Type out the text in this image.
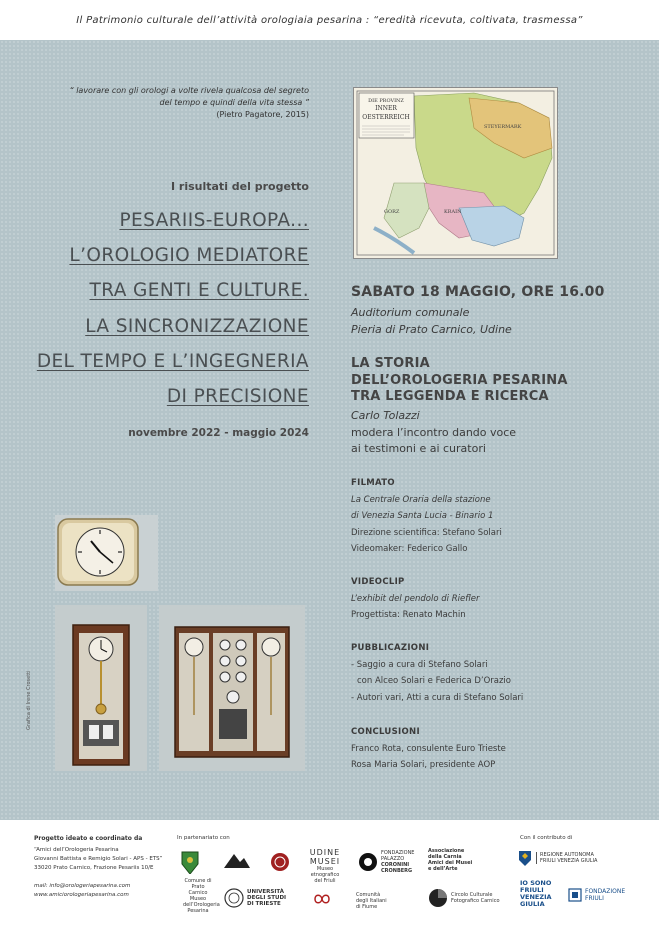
Il Patrimonio culturale dell’attività orologiaia pesarina : “eredità ricevuta, coltivata, trasmessa”
“ lavorare con gli orologi a volte rivela qualcosa del segreto
del tempo e quindi della vita stessa ”
(Pietro Pagatore, 2015)
I risultati del progetto
PESARIIS-EUROPA...
L’OROLOGIO MEDIATORE
TRA GENTI E CULTURE.
LA SINCRONIZZAZIONE
DEL TEMPO E L’INGEGNERIA
DI PRECISIONE
novembre 2022 - maggio 2024
DIE PROVINZ
INNER
OESTERREICH
GORZ	KRAIN
STEYERMARK
SABATO 18 MAGGIO, ORE 16.00
Auditorium comunale
Pieria di Prato Carnico, Udine
LA STORIA
DELL’OROLOGERIA PESARINA
TRA LEGGENDA E RICERCA
Carlo Tolazzi
modera l’incontro dando voce
ai testimoni e ai curatori
FILMATO
La Centrale Oraria della stazione
di Venezia Santa Lucia - Binario 1
Direzione scientifica: Stefano Solari
Videomaker: Federico Gallo
VIDEOCLIP
L’exhibit del pendolo di Riefler
Progettista: Renato Machin
PUBBLICAZIONI
- Saggio a cura di Stefano Solari
con Alceo Solari e Federica D’Orazio
- Autori vari, Atti a cura di Stefano Solari
CONCLUSIONI
Franco Rota, consulente Euro Trieste
Rosa Maria Solari, presidente AOP
Grafica di Irene Crosetti
Progetto ideato e coordinato da
“Amici dell’Orologeria Pesarina
Giovanni Battista e Remigio Solari - APS - ETS”
33020 Prato Carnico, Frazione Pesariis 10/E
mail: info@orologeriapesarina.com
www.amiciorologeriapesarina.com
In partenariato con
Comune di
Prato Carnico
Museo
dell’Orologeria
Pesarina
UDINE
MUSEI
Museo etnografico
del Friuli
FONDAZIONE
PALAZZO
CORONINI
CRONBERG
Associazione
della Carnia
Amici dei Musei
e dell’Arte
UNIVERSITÀ
DEGLI STUDI
DI TRIESTE
Comunità
degli Italiani
di Fiume
Circolo Culturale
Fotografico Carnico
Con il contributo di
REGIONE AUTONOMA
FRIULI VENEZIA GIULIA
IO SONO
FRIULI
VENEZIA
GIULIA
FONDAZIONE
FRIULI
